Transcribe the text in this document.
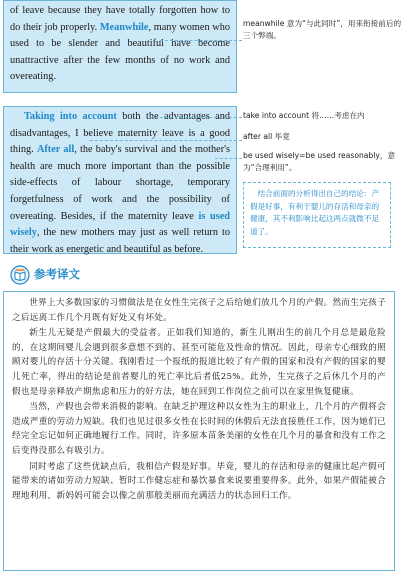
of leave because they have totally forgotten how to do their job properly. Meanwhile, many women who used to be slender and beautiful have become unattractive after the few months of no work and overeating.
meanwhile 意为“与此同时”，用来衔接前后的三个弊端。
Taking into account both the advantages and disadvantages, I believe maternity leave is a good thing. After all, the baby's survival and the mother's health are much more important than the possible side-effects of labour shortage, temporary forgetfulness of work and the possibility of overeating. Besides, if the maternity leave is used wisely, the new mothers may just as well return to their work as energetic and beautiful as before.
take into account 将……考虑在内
after all 毕竟
be used wisely=be used reasonably，意为“合理利用”。
结合前面的分析得出自己的结论：产假是好事，有利于婴儿的存活和母亲的健康，其不利影响比起这两点就微不足道了。
参考译文

世界上大多数国家的习惯做法是在女性生完孩子之后给她们放几个月的产假。然而生完孩子之后远离工作几个月既有好处又有坏处。

新生儿无疑是产假最大的受益者。正如我们知道的，新生儿刚出生的前几个月总是最危险的，在这期间婴儿会遇到很多意想不到的、甚至可能危及性命的情况。因此，母亲专心细致的照顾对婴儿的存活十分关键。我刚看过一个报纸的报道比较了有产假的国家和没有产假的国家的婴儿死亡率，得出的结论是前者婴儿的死亡率比后者低25%。此外，生完孩子之后休几个月的产假也是母亲释放产期焦虑和压力的好方法，她在回到工作岗位之前可以在家里恢复健康。

当然，产假也会带来消极的影响。在缺乏护理这种以女性为主的职业上，几个月的产假将会造成严重的劳动力短缺。我们也见过很多女性在长时间的休假后无法直接胜任工作，因为她们已经完全忘记如何正确地履行工作。同时，许多原本苗条美丽的女性在几个月的暴食和没有工作之后变得没那么有吸引力。

同时考虑了这些优缺点后，我相信产假是好事。毕竟，婴儿的存活和母亲的健康比起产假可能带来的诸如劳动力短缺、暂时工作健忘症和暴饮暴食来说要重要得多。此外，如果产假能被合理地利用，新妈妈可能会以像之前那般美丽而充满活力的状态回归工作。
